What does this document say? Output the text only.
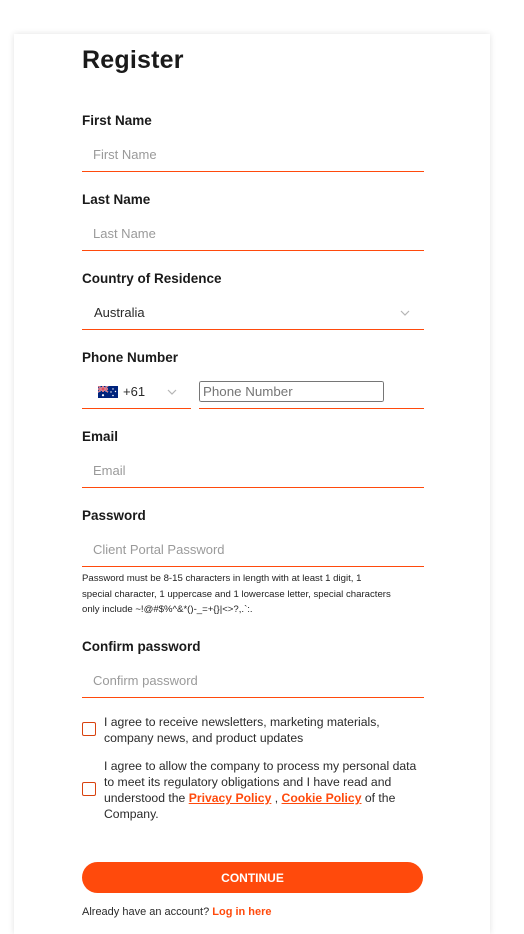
Register
First Name
First Name
Last Name
Last Name
Country of Residence
Australia
Phone Number
+61
Phone Number
Email
Email
Password
Password must be 8-15 characters in length with at least 1 digit, 1 special character, 1 uppercase and 1 lowercase letter, special characters only include ~!@#$%^&*()-_=+{}|<>?,.`:.
Confirm password
I agree to receive newsletters, marketing materials, company news, and product updates
I agree to allow the company to process my personal data to meet its regulatory obligations and I have read and understood the Privacy Policy , Cookie Policy of the Company.
CONTINUE
Already have an account? Log in here
